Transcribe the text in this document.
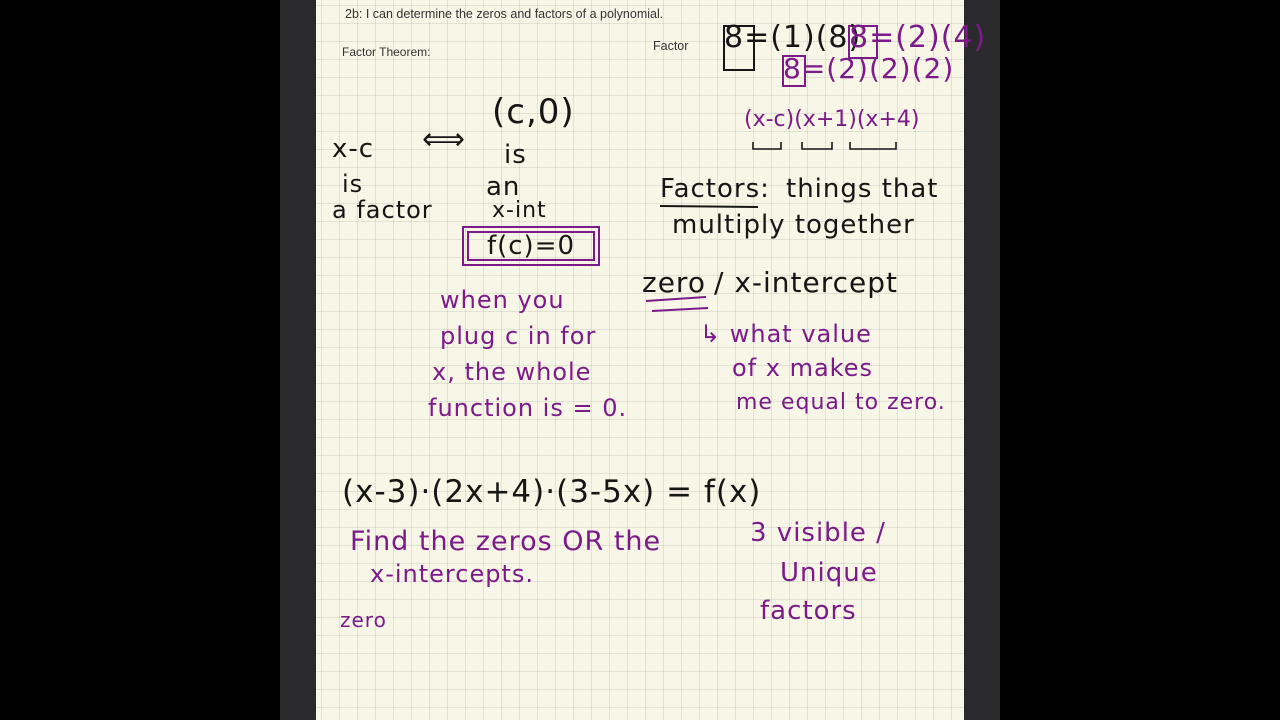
2b: I can determine the zeros and factors of a polynomial.

Factor Theorem:	Factor 8=(1)(8)

8=(2)(4)

8=(2)(2)(2)

(x-c)(x+1)(x+4)

x-c

is

a factor

⟺

(c,0)

is

an

x-int

f(c)=0

when you

plug c in for

x, the whole

function is = 0.

Factors: things that

multiply together

zero / x-intercept

↳ what value

of x makes

me equal to zero.

(x-3)·(2x+4)·(3-5x) = f(x)

Find the zeros OR the

x-intercepts.

zero

3 visible /

Unique

factors
